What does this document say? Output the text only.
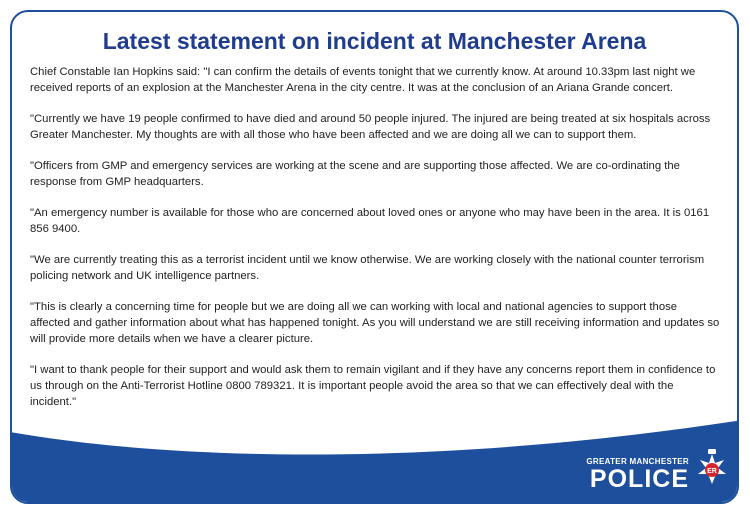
Latest statement on incident at Manchester Arena

Chief Constable Ian Hopkins said: "I can confirm the details of events tonight that we currently know. At around 10.33pm last night we received reports of an explosion at the Manchester Arena in the city centre. It was at the conclusion of an Ariana Grande concert.

"Currently we have 19 people confirmed to have died and around 50 people injured. The injured are being treated at six hospitals across Greater Manchester. My thoughts are with all those who have been affected and we are doing all we can to support them.

"Officers from GMP and emergency services are working at the scene and are supporting those affected. We are co-ordinating the response from GMP headquarters.

"An emergency number is available for those who are concerned about loved ones or anyone who may have been in the area. It is 0161 856 9400.

"We are currently treating this as a terrorist incident until we know otherwise. We are working closely with the national counter terrorism policing network and UK intelligence partners.

"This is clearly a concerning time for people but we are doing all we can working with local and national agencies to support those affected and gather information about what has happened tonight. As you will understand we are still receiving information and updates so will provide more details when we have a clearer picture.

"I want to thank people for their support and would ask them to remain vigilant and if they have any concerns report them in confidence to us through on the Anti-Terrorist Hotline 0800 789321. It is important people avoid the area so that we can effectively deal with the incident."

GREATER MANCHESTER
POLICE	ER
